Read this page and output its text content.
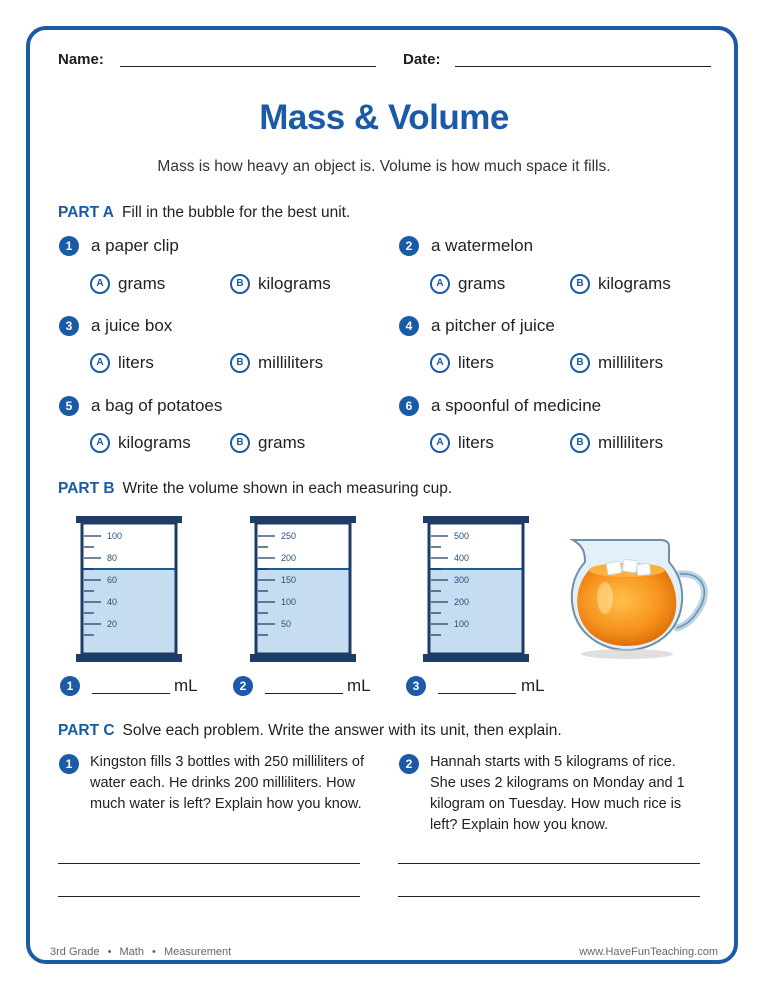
Name:	Date:
Mass & Volume
Mass is how heavy an object is. Volume is how much space it fills.
PART A Fill in the bubble for the best unit.
1	a paper clip
A grams	B kilograms
2	a watermelon
A grams	B kilograms
3	a juice box
A liters	B milliliters
4	a pitcher of juice
A liters	B milliliters
5	a bag of potatoes
A kilograms	B grams
6	a spoonful of medicine
A liters	B milliliters
PART B Write the volume shown in each measuring cup.
100
80
60
40
20
250
200
150
100
50
500
400
300
200
100
1	mL	2	mL	3	mL
PART C Solve each problem. Write the answer with its unit, then explain.
1	Kingston fills 3 bottles with 250 milliliters of water each. He drinks 200 milliliters. How much water is left? Explain how you know.
2	Hannah starts with 5 kilograms of rice. She uses 2 kilograms on Monday and 1 kilogram on Tuesday. How much rice is left? Explain how you know.
3rd Grade • Math • Measurement	www.HaveFunTeaching.com
